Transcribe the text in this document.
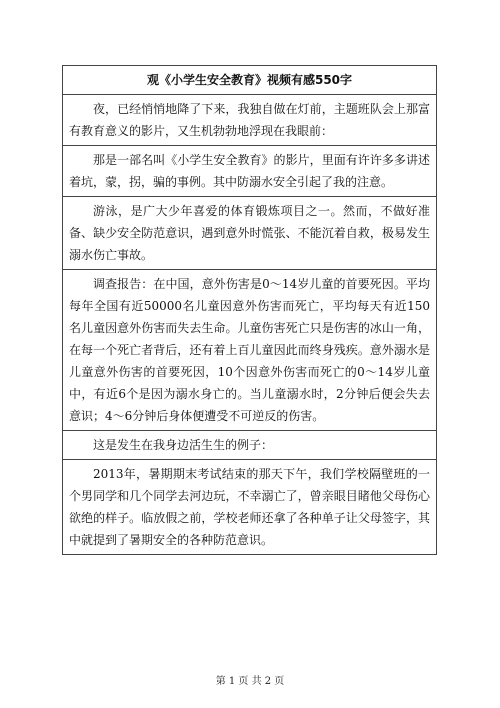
观《小学生安全教育》视频有感550字

夜，已经悄悄地降了下来，我独自做在灯前，主题班队会上那富有教育意义的影片，又生机勃勃地浮现在我眼前：

那是一部名叫《小学生安全教育》的影片，里面有许许多多讲述着坑，蒙，拐，骗的事例。其中防溺水安全引起了我的注意。

游泳，是广大少年喜爱的体育锻炼项目之一。然而，不做好准备、缺少安全防范意识，遇到意外时慌张、不能沉着自救，极易发生溺水伤亡事故。

调查报告：在中国，意外伤害是0～14岁儿童的首要死因。平均每年全国有近50000名儿童因意外伤害而死亡，平均每天有近150名儿童因意外伤害而失去生命。儿童伤害死亡只是伤害的冰山一角，在每一个死亡者背后，还有着上百儿童因此而终身残疾。意外溺水是儿童意外伤害的首要死因，10个因意外伤害而死亡的0～14岁儿童中，有近6个是因为溺水身亡的。当儿童溺水时，2分钟后便会失去意识；4～6分钟后身体便遭受不可逆反的伤害。

这是发生在我身边活生生的例子：

2013年，暑期期末考试结束的那天下午，我们学校隔壁班的一个男同学和几个同学去河边玩，不幸溺亡了，曾亲眼目睹他父母伤心欲绝的样子。临放假之前，学校老师还拿了各种单子让父母签字，其中就提到了暑期安全的各种防范意识。

第 1 页 共 2 页
